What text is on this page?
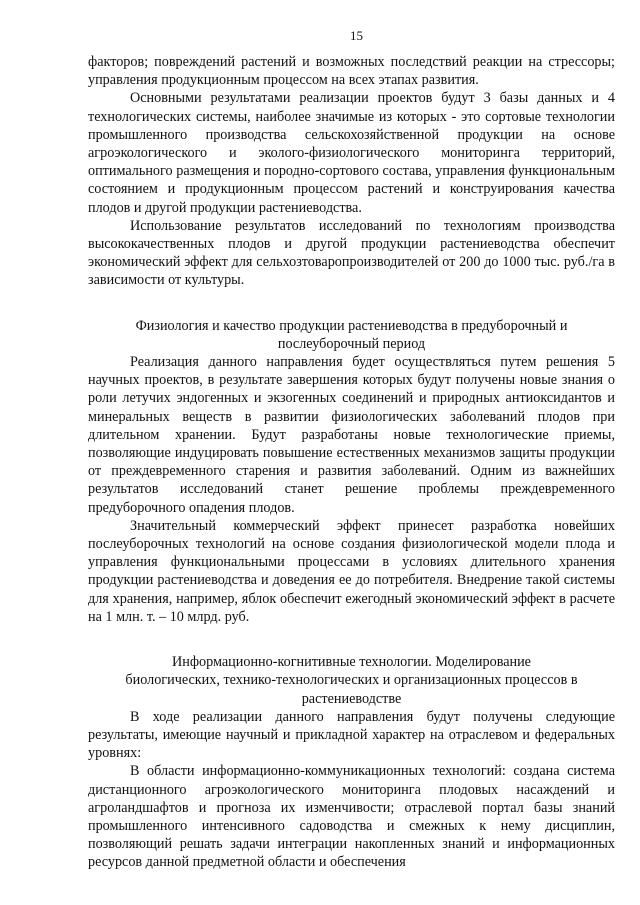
15

факторов; повреждений растений и возможных последствий реакции на стрессоры; управления продукционным процессом на всех этапах развития.

Основными результатами реализации проектов будут 3 базы данных и 4 технологических системы, наиболее значимые из которых - это сортовые технологии промышленного производства сельскохозяйственной продукции на основе агроэкологического и эколого-физиологического мониторинга территорий, оптимального размещения и породно-сортового состава, управления функциональным состоянием и продукционным процессом растений и конструирования качества плодов и другой продукции растениеводства.

Использование результатов исследований по технологиям производства высококачественных плодов и другой продукции растениеводства обеспечит экономический эффект для сельхозтоваропроизводителей от 200 до 1000 тыс. руб./га в зависимости от культуры.

Физиология и качество продукции растениеводства в предуборочный и
послеуборочный период

Реализация данного направления будет осуществляться путем решения 5 научных проектов, в результате завершения которых будут получены новые знания о роли летучих эндогенных и экзогенных соединений и природных антиоксидантов и минеральных веществ в развитии физиологических заболеваний плодов при длительном хранении. Будут разработаны новые технологические приемы, позволяющие индуцировать повышение естественных механизмов защиты продукции от преждевременного старения и развития заболеваний. Одним из важнейших результатов исследований станет решение проблемы преждевременного предуборочного опадения плодов.

Значительный коммерческий эффект принесет разработка новейших послеуборочных технологий на основе создания физиологической модели плода и управления функциональными процессами в условиях длительного хранения продукции растениеводства и доведения ее до потребителя. Внедрение такой системы для хранения, например, яблок обеспечит ежегодный экономический эффект в расчете на 1 млн. т. – 10 млрд. руб.

Информационно-когнитивные технологии. Моделирование
биологических, технико-технологических и организационных процессов в
растениеводстве

В ходе реализации данного направления будут получены следующие результаты, имеющие научный и прикладной характер на отраслевом и федеральных уровнях:

В области информационно-коммуникационных технологий: создана система дистанционного агроэкологического мониторинга плодовых насаждений и агроландшафтов и прогноза их изменчивости; отраслевой портал базы знаний промышленного интенсивного садоводства и смежных к нему дисциплин, позволяющий решать задачи интеграции накопленных знаний и информационных ресурсов данной предметной области и обеспечения
